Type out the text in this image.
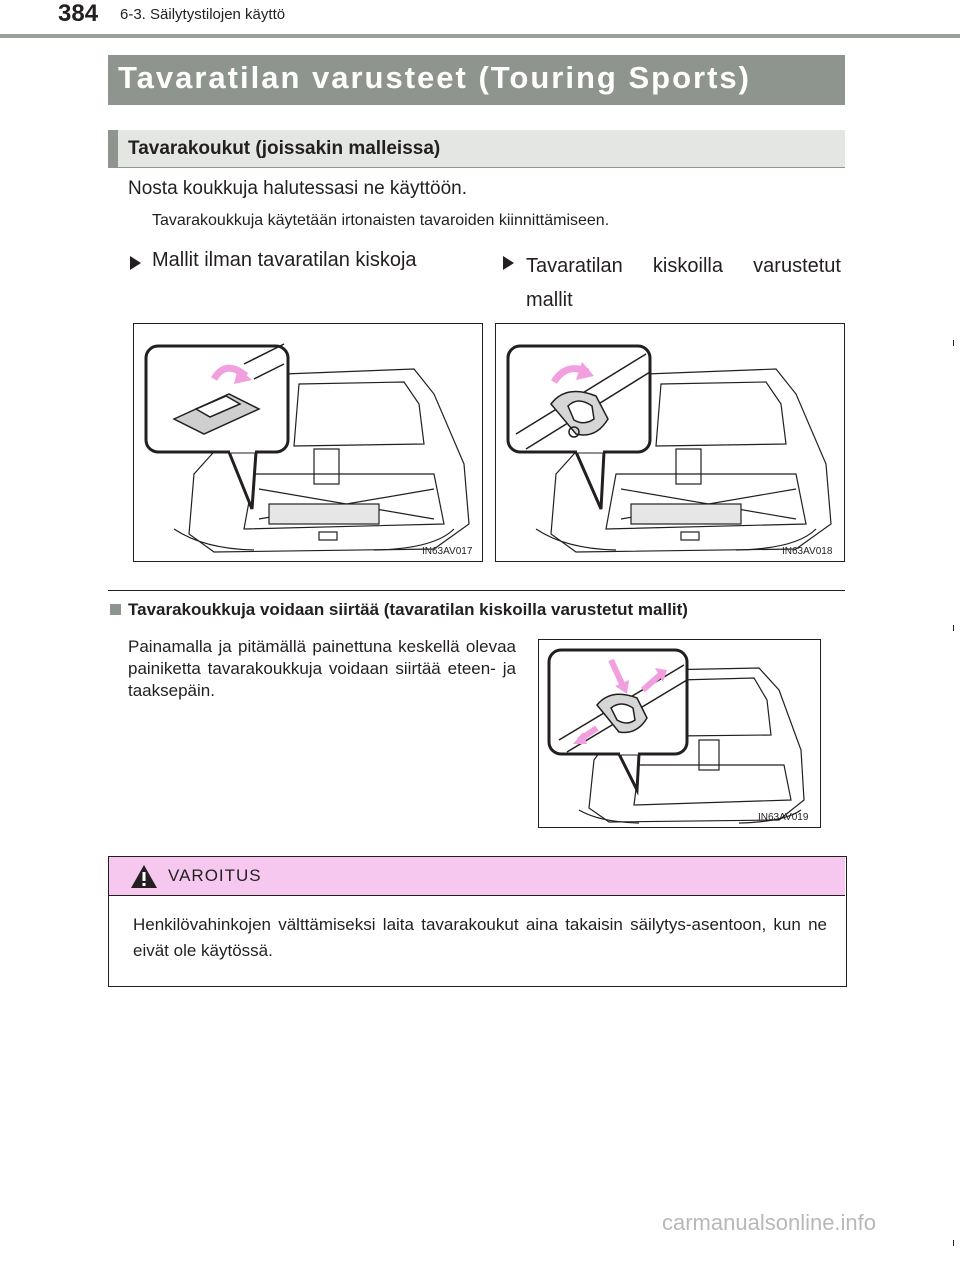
384 6-3. Säilytystilojen käyttö
Tavaratilan varusteet (Touring Sports)
Tavarakoukut (joissakin malleissa)
Nosta koukkuja halutessasi ne käyttöön.
Tavarakoukkuja käytetään irtonaisten tavaroiden kiinnittämiseen.
Mallit ilman tavaratilan kiskoja	Tavaratilan kiskoilla varustetut mallit
IN63AV017	IN63AV018
Tavarakoukkuja voidaan siirtää (tavaratilan kiskoilla varustetut mallit)
Painamalla ja pitämällä painettuna keskellä olevaa painiketta tavarakoukkuja voidaan siirtää eteen- ja taaksepäin.
IN63AV019
VAROITUS
Henkilövahinkojen välttämiseksi laita tavarakoukut aina takaisin säilytys-asentoon, kun ne eivät ole käytössä.
carmanualsonline.info
